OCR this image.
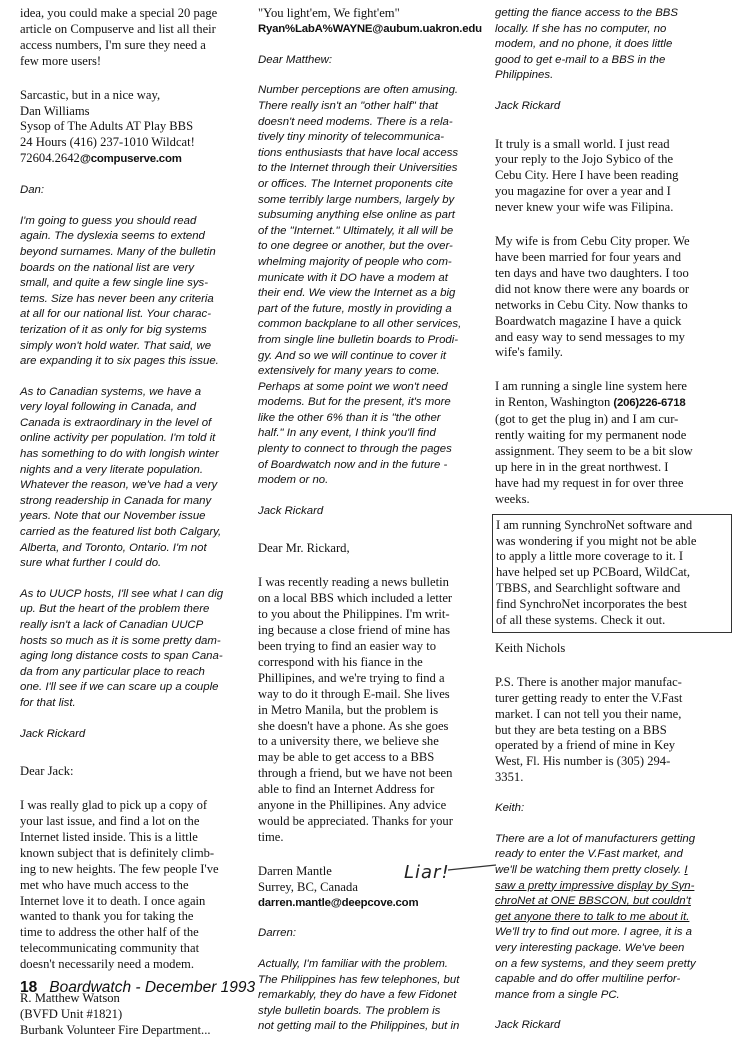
idea, you could make a special 20 page
article on Compuserve and list all their
access numbers, I'm sure they need a
few more users!

Sarcastic, but in a nice way,
Dan Williams
Sysop of The Adults AT Play BBS
24 Hours (416) 237-1010 Wildcat!
72604.2642@compuserve.com

Dan:

I'm going to guess you should read
again. The dyslexia seems to extend
beyond surnames. Many of the bulletin
boards on the national list are very
small, and quite a few single line sys-
tems. Size has never been any criteria
at all for our national list. Your charac-
terization of it as only for big systems
simply won't hold water. That said, we
are expanding it to six pages this issue.

As to Canadian systems, we have a
very loyal following in Canada, and
Canada is extraordinary in the level of
online activity per population. I'm told it
has something to do with longish winter
nights and a very literate population.
Whatever the reason, we've had a very
strong readership in Canada for many
years. Note that our November issue
carried as the featured list both Calgary,
Alberta, and Toronto, Ontario. I'm not
sure what further I could do.

As to UUCP hosts, I'll see what I can dig
up. But the heart of the problem there
really isn't a lack of Canadian UUCP
hosts so much as it is some pretty dam-
aging long distance costs to span Cana-
da from any particular place to reach
one. I'll see if we can scare up a couple
for that list.

Jack Rickard

Dear Jack:

I was really glad to pick up a copy of
your last issue, and find a lot on the
Internet listed inside. This is a little
known subject that is definitely climb-
ing to new heights. The few people I've
met who have much access to the
Internet love it to death. I once again
wanted to thank you for taking the
time to address the other half of the
telecommunicating community that
doesn't necessarily need a modem.

R. Matthew Watson
(BVFD Unit #1821)
Burbank Volunteer Fire Department...

"You light'em, We fight'em"

Ryan%LabA%WAYNE@aubum.uakron.edu

Dear Matthew:

Number perceptions are often amusing.
There really isn't an "other half" that
doesn't need modems. There is a rela-
tively tiny minority of telecommunica-
tions enthusiasts that have local access
to the Internet through their Universities
or offices. The Internet proponents cite
some terribly large numbers, largely by
subsuming anything else online as part
of the "Internet." Ultimately, it all will be
to one degree or another, but the over-
whelming majority of people who com-
municate with it DO have a modem at
their end. We view the Internet as a big
part of the future, mostly in providing a
common backplane to all other services,
from single line bulletin boards to Prodi-
gy. And so we will continue to cover it
extensively for many years to come.
Perhaps at some point we won't need
modems. But for the present, it's more
like the other 6% than it is "the other
half." In any event, I think you'll find
plenty to connect to through the pages
of Boardwatch now and in the future -
modem or no.

Jack Rickard

Dear Mr. Rickard,

I was recently reading a news bulletin
on a local BBS which included a letter
to you about the Philippines. I'm writ-
ing because a close friend of mine has
been trying to find an easier way to
correspond with his fiance in the
Phillipines, and we're trying to find a
way to do it through E-mail. She lives
in Metro Manila, but the problem is
she doesn't have a phone. As she goes
to a university there, we believe she
may be able to get access to a BBS
through a friend, but we have not been
able to find an Internet Address for
anyone in the Phillipines. Any advice
would be appreciated. Thanks for your
time.

Darren Mantle
Surrey, BC, Canada

darren.mantle@deepcove.com

Darren:

Actually, I'm familiar with the problem.
The Philippines has few telephones, but
remarkably, they do have a few Fidonet
style bulletin boards. The problem is
not getting mail to the Philippines, but in

getting the fiance access to the BBS
locally. If she has no computer, no
modem, and no phone, it does little
good to get e-mail to a BBS in the
Philippines.

Jack Rickard

It truly is a small world. I just read
your reply to the Jojo Sybico of the
Cebu City. Here I have been reading
you magazine for over a year and I
never knew your wife was Filipina.

My wife is from Cebu City proper. We
have been married for four years and
ten days and have two daughters. I too
did not know there were any boards or
networks in Cebu City. Now thanks to
Boardwatch magazine I have a quick
and easy way to send messages to my
wife's family.

I am running a single line system here
in Renton, Washington (206)226-6718
(got to get the plug in) and I am cur-
rently waiting for my permanent node
assignment. They seem to be a bit slow
up here in in the great northwest. I
have had my request in for over three
weeks.

I am running SynchroNet software and
was wondering if you might not be able
to apply a little more coverage to it. I
have helped set up PCBoard, WildCat,
TBBS, and Searchlight software and
find SynchroNet incorporates the best
of all these systems. Check it out.

Keith Nichols

P.S. There is another major manufac-
turer getting ready to enter the V.Fast
market. I can not tell you their name,
but they are beta testing on a BBS
operated by a friend of mine in Key
West, Fl. His number is (305) 294-
3351.

Keith:

There are a lot of manufacturers getting
ready to enter the V.Fast market, and
we'll be watching them pretty closely. I
saw a pretty impressive display by Syn-
chroNet at ONE BBSCON, but couldn't
get anyone there to talk to me about it.
We'll try to find out more. I agree, it is a
very interesting package. We've been
on a few systems, and they seem pretty
capable and do offer multiline perfor-
mance from a single PC.

Jack Rickard

Liar!
18 Boardwatch - December 1993
